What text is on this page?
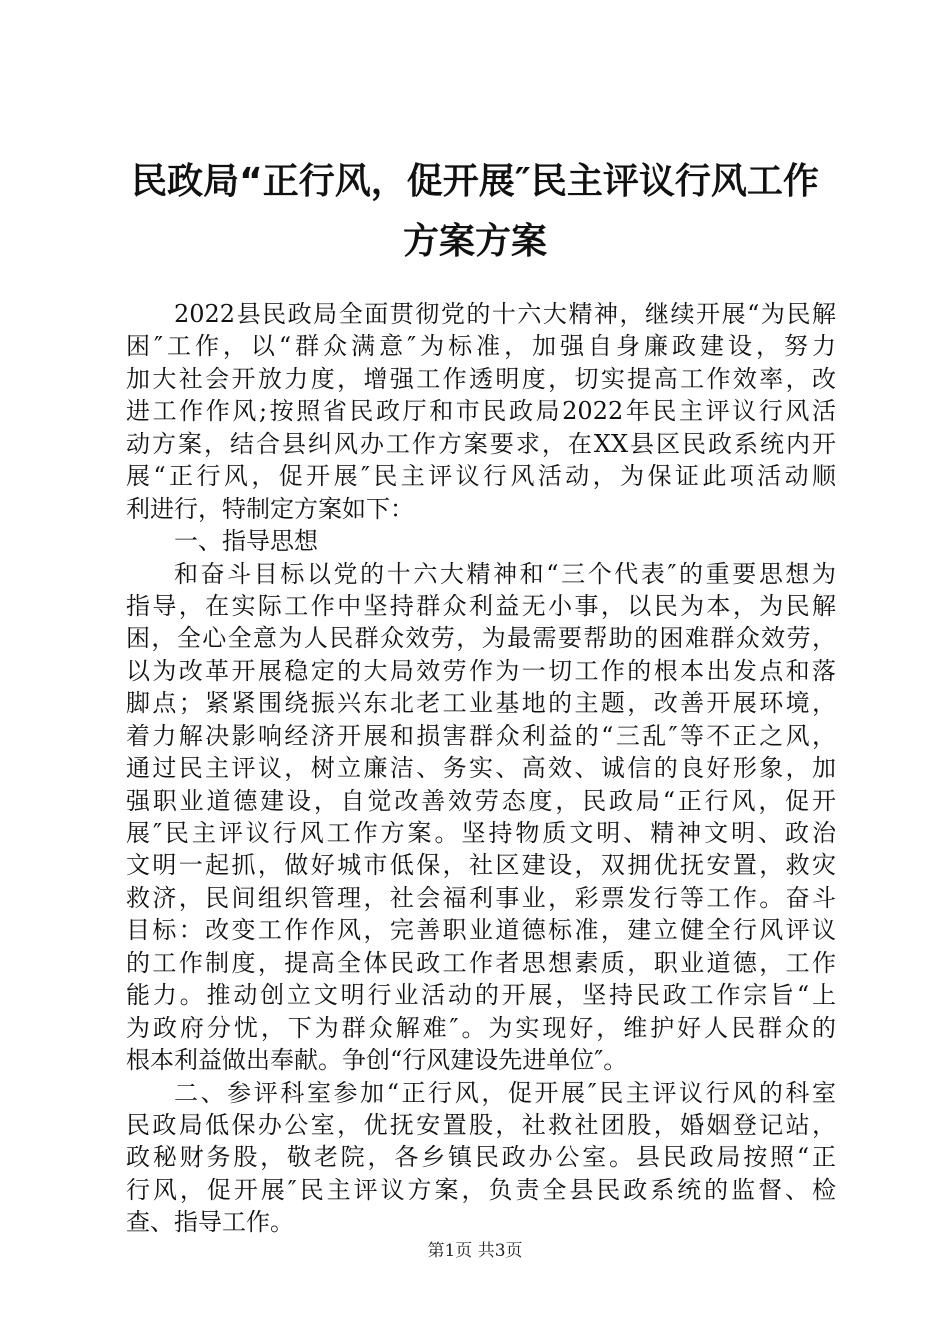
民政局“正行风，促开展″民主评议行风工作
方案方案
2022县民政局全面贯彻党的十六大精神，继续开展“为民解
困″工作，以“群众满意″为标准，加强自身廉政建设，努力
加大社会开放力度，增强工作透明度，切实提高工作效率，改
进工作作风;按照省民政厅和市民政局2022年民主评议行风活
动方案，结合县纠风办工作方案要求，在XX县区民政系统内开
展“正行风，促开展″民主评议行风活动，为保证此项活动顺
利进行，特制定方案如下：
一、指导思想
和奋斗目标以党的十六大精神和“三个代表″的重要思想为
指导，在实际工作中坚持群众利益无小事，以民为本，为民解
困，全心全意为人民群众效劳，为最需要帮助的困难群众效劳，
以为改革开展稳定的大局效劳作为一切工作的根本出发点和落
脚点；紧紧围绕振兴东北老工业基地的主题，改善开展环境，
着力解决影响经济开展和损害群众利益的“三乱″等不正之风，
通过民主评议，树立廉洁、务实、高效、诚信的良好形象，加
强职业道德建设，自觉改善效劳态度，民政局“正行风，促开
展″民主评议行风工作方案。坚持物质文明、精神文明、政治
文明一起抓，做好城市低保，社区建设，双拥优抚安置，救灾
救济，民间组织管理，社会福利事业，彩票发行等工作。奋斗
目标：改变工作作风，完善职业道德标准，建立健全行风评议
的工作制度，提高全体民政工作者思想素质，职业道德，工作
能力。推动创立文明行业活动的开展，坚持民政工作宗旨“上
为政府分忧，下为群众解难″。为实现好，维护好人民群众的
根本利益做出奉献。争创“行风建设先进单位″。
二、参评科室参加“正行风，促开展″民主评议行风的科室
民政局低保办公室，优抚安置股，社救社团股，婚姻登记站，
政秘财务股，敬老院，各乡镇民政办公室。县民政局按照“正
行风，促开展″民主评议方案，负责全县民政系统的监督、检
查、指导工作。
第1页 共3页
